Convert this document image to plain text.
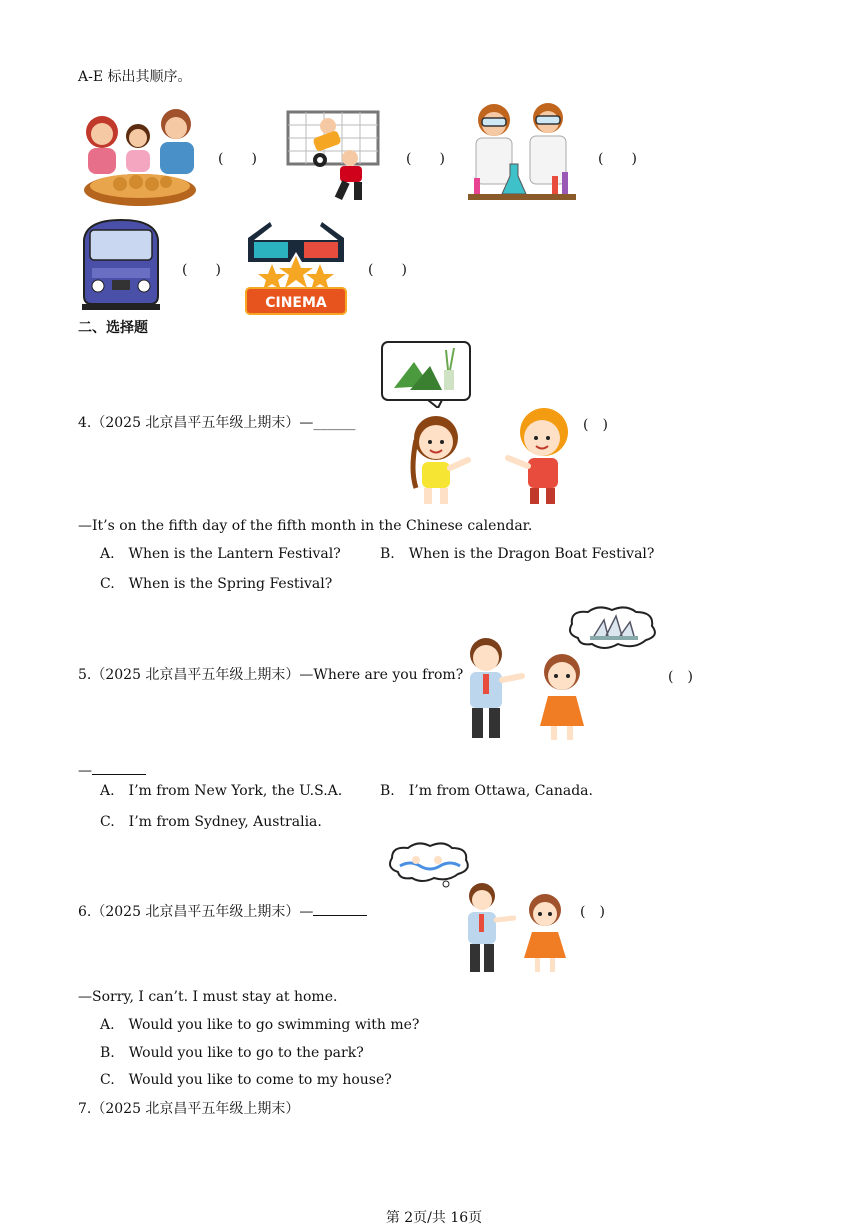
A-E 标出其顺序。
(　　)	(　　)	(　　)
(　　)
CINEMA
(　　)
二、选择题
4.（2025 北京昌平五年级上期末）—______	(　)
—It’s on the fifth day of the fifth month in the Chinese calendar.
A.　When is the Lantern Festival?	B.　When is the Dragon Boat Festival?
C.　When is the Spring Festival?
5.（2025 北京昌平五年级上期末）—Where are you from?	(　)
—
A.　I’m from New York, the U.S.A.	B.　I’m from Ottawa, Canada.
C.　I’m from Sydney, Australia.
6.（2025 北京昌平五年级上期末）—	(　)
—Sorry, I can’t. I must stay at home.
A.　Would you like to go swimming with me?
B.　Would you like to go to the park?
C.　Would you like to come to my house?
7.（2025 北京昌平五年级上期末）
第 2页/共 16页
